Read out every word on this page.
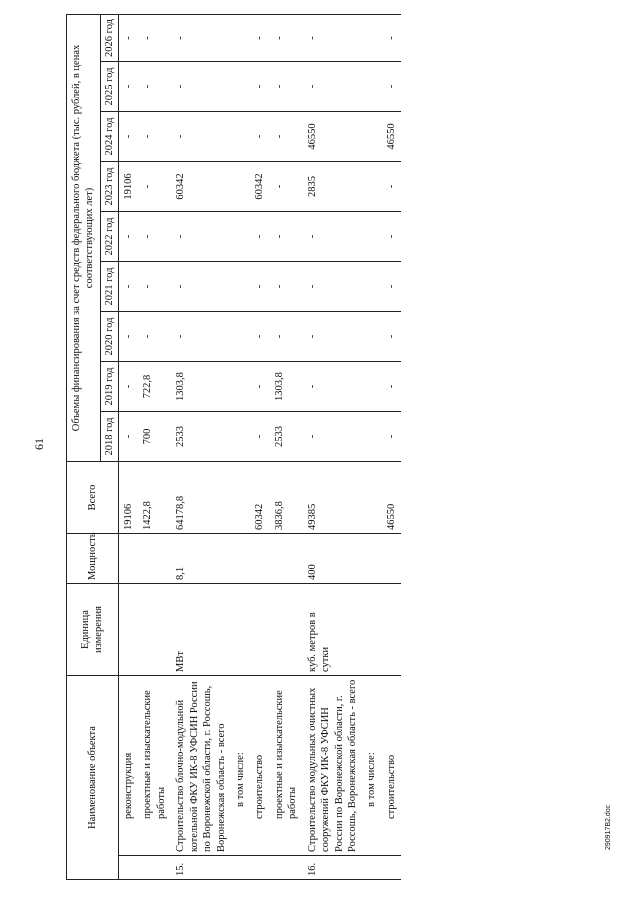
61
290917B2.doc
Наименование объекта		Единица измерения	Мощность	Всего	Объемы финансирования за счет средств федерального бюджета (тыс. рублей, в ценах соответствующих лет)								
					2018 год	2019 год	2020 год	2021 год	2022 год	2023 год	2024 год	2025 год	2026 год
	реконструкция			19106	-	-	-	-	-	19106	-	-	-
	проектные и изыскательские работы			1422,8	700	722,8	-	-	-	-	-	-	-
15.	Строительство блочно-модульной котельной ФКУ ИК-8 УФСИН России по Воронежской области, г. Россошь, Воронежская область - всего	МВт	8,1	64178,8	2533	1303,8	-	-	-	60342	-	-	-
	в том числе:												
	строительство			60342	-	-	-	-	-	60342	-	-	-
	проектные и изыскательские работы			3836,8	2533	1303,8	-	-	-	-	-	-	-
16.	Строительство модульных очистных сооружений ФКУ ИК-8 УФСИН России по Воронежской области, г. Россошь, Воронежская область - всего	куб. метров в сутки	400	49385	-	-	-	-	-	2835	46550	-	-
	в том числе:												
	строительство			46550	-	-	-	-	-	-	46550	-	-
